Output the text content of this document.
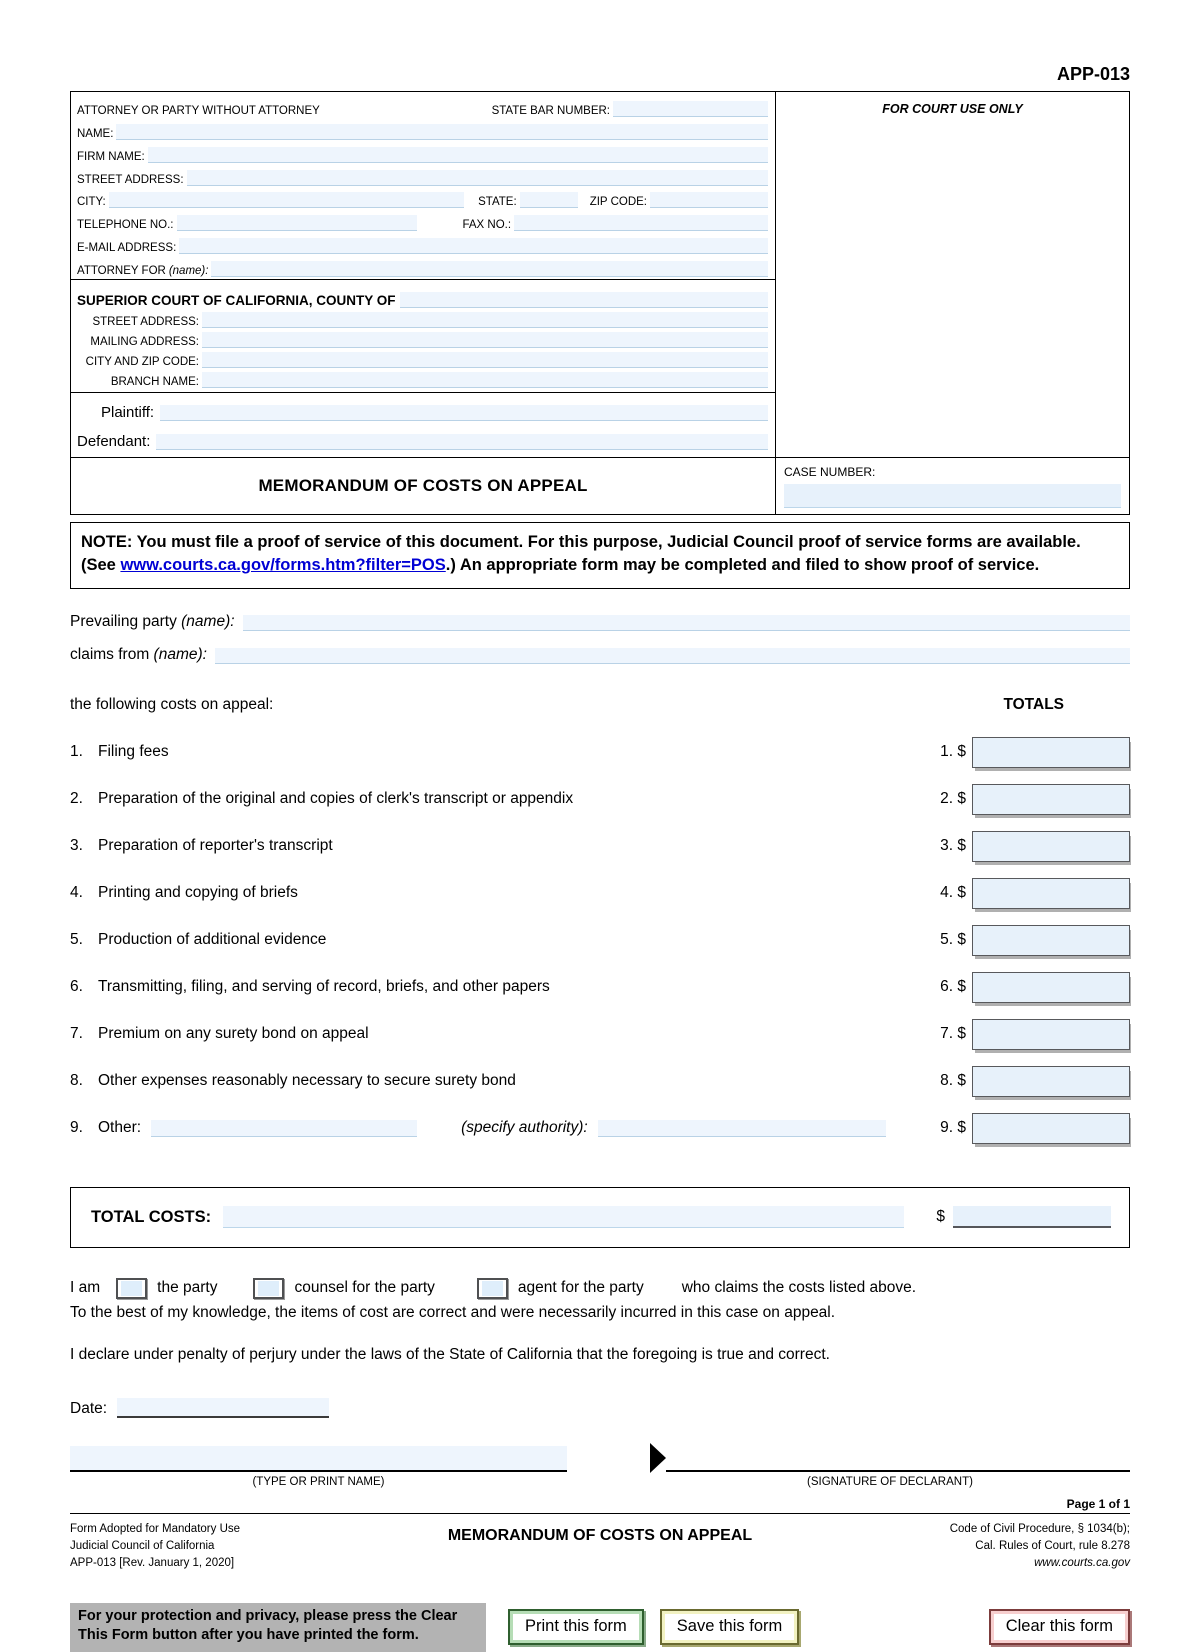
APP-013
ATTORNEY OR PARTY WITHOUT ATTORNEY	STATE BAR NUMBER:
NAME:
FIRM NAME:
STREET ADDRESS:
CITY:	STATE:	ZIP CODE:
TELEPHONE NO.:	FAX NO.:
E-MAIL ADDRESS:
ATTORNEY FOR (name):
SUPERIOR COURT OF CALIFORNIA, COUNTY OF
STREET ADDRESS:
MAILING ADDRESS:
CITY AND ZIP CODE:
BRANCH NAME:
Plaintiff:
Defendant:
MEMORANDUM OF COSTS ON APPEAL
FOR COURT USE ONLY
CASE NUMBER:
NOTE: You must file a proof of service of this document. For this purpose, Judicial Council proof of service forms are available. (See www.courts.ca.gov/forms.htm?filter=POS.) An appropriate form may be completed and filed to show proof of service.
Prevailing party (name):
claims from (name):
the following costs on appeal:	TOTALS
1. Filing fees	1. $
2. Preparation of the original and copies of clerk's transcript or appendix	2. $
3. Preparation of reporter's transcript	3. $
4. Printing and copying of briefs	4. $
5. Production of additional evidence	5. $
6. Transmitting, filing, and serving of record, briefs, and other papers	6. $
7. Premium on any surety bond on appeal	7. $
8. Other expenses reasonably necessary to secure surety bond	8. $
9. Other:	(specify authority):	9. $
TOTAL COSTS:	$
I am	the party	counsel for the party	agent for the party who claims the costs listed above.
To the best of my knowledge, the items of cost are correct and were necessarily incurred in this case on appeal.
I declare under penalty of perjury under the laws of the State of California that the foregoing is true and correct.
Date:
(TYPE OR PRINT NAME)	(SIGNATURE OF DECLARANT)
Page 1 of 1
Form Adopted for Mandatory Use
Judicial Council of California
APP-013 [Rev. January 1, 2020]
MEMORANDUM OF COSTS ON APPEAL	Code of Civil Procedure, § 1034(b);
Cal. Rules of Court, rule 8.278
www.courts.ca.gov
For your protection and privacy, please press the Clear This Form button after you have printed the form.
Print this form	Save this form	Clear this form
